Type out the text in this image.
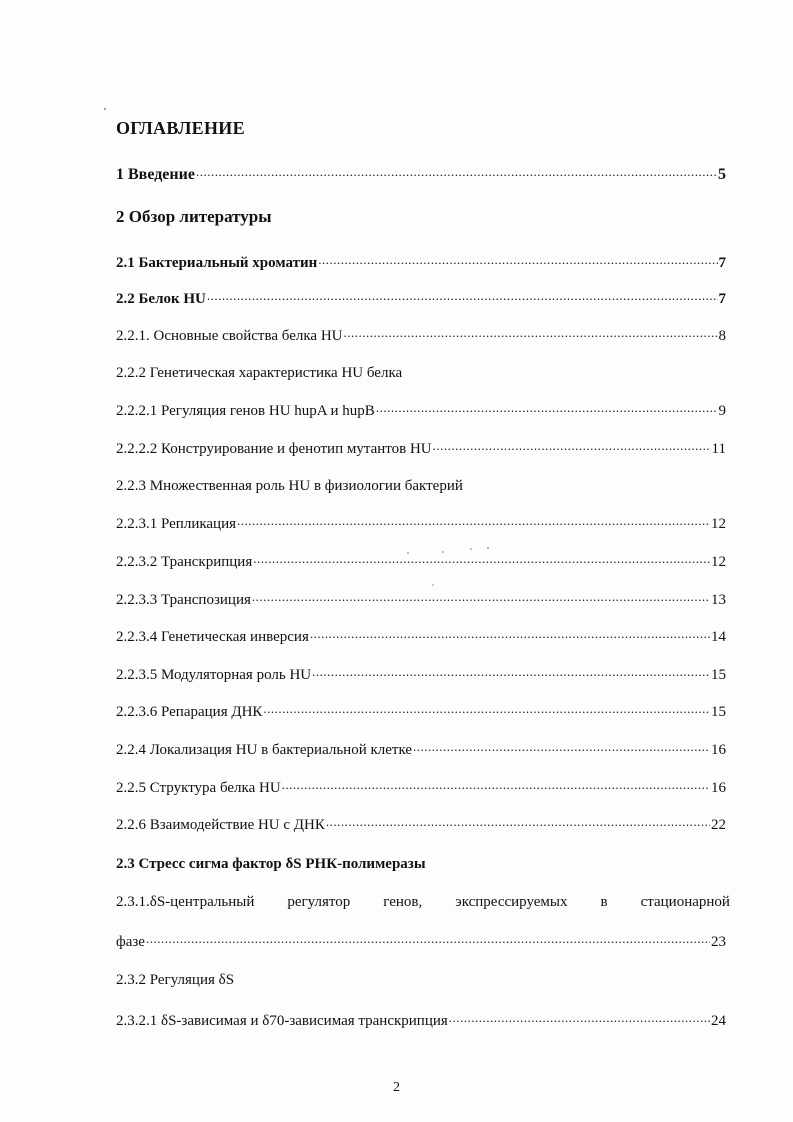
ОГЛАВЛЕНИЕ
1 Введение .....	5
2 Обзор литературы
2.1 Бактериальный хроматин .....	7
2.2 Белок HU .....	7
2.2.1. Основные свойства белка HU .....	8
2.2.2 Генетическая характеристика HU белка
2.2.2.1 Регуляция генов HU hupA и hupB .....	9
2.2.2.2 Конструирование и фенотип мутантов HU .....	11
2.2.3 Множественная роль HU в физиологии бактерий
2.2.3.1 Репликация .....	12
2.2.3.2 Транскрипция .....	12
2.2.3.3 Транспозиция .....	13
2.2.3.4 Генетическая инверсия .....	14
2.2.3.5 Модуляторная роль HU .....	15
2.2.3.6 Репарация ДНК .....	15
2.2.4 Локализация HU в бактериальной клетке .....	16
2.2.5 Структура белка HU .....	16
2.2.6 Взаимодействие HU с ДНК .....	22
2.3 Стресс сигма фактор δS РНК-полимеразы
2.3.1.δS-центральный регулятор генов, экспрессируемых в стационарной
фазе .....	23
2.3.2 Регуляция δS
2.3.2.1 δS-зависимая и δ70-зависимая транскрипция .....	24
2
